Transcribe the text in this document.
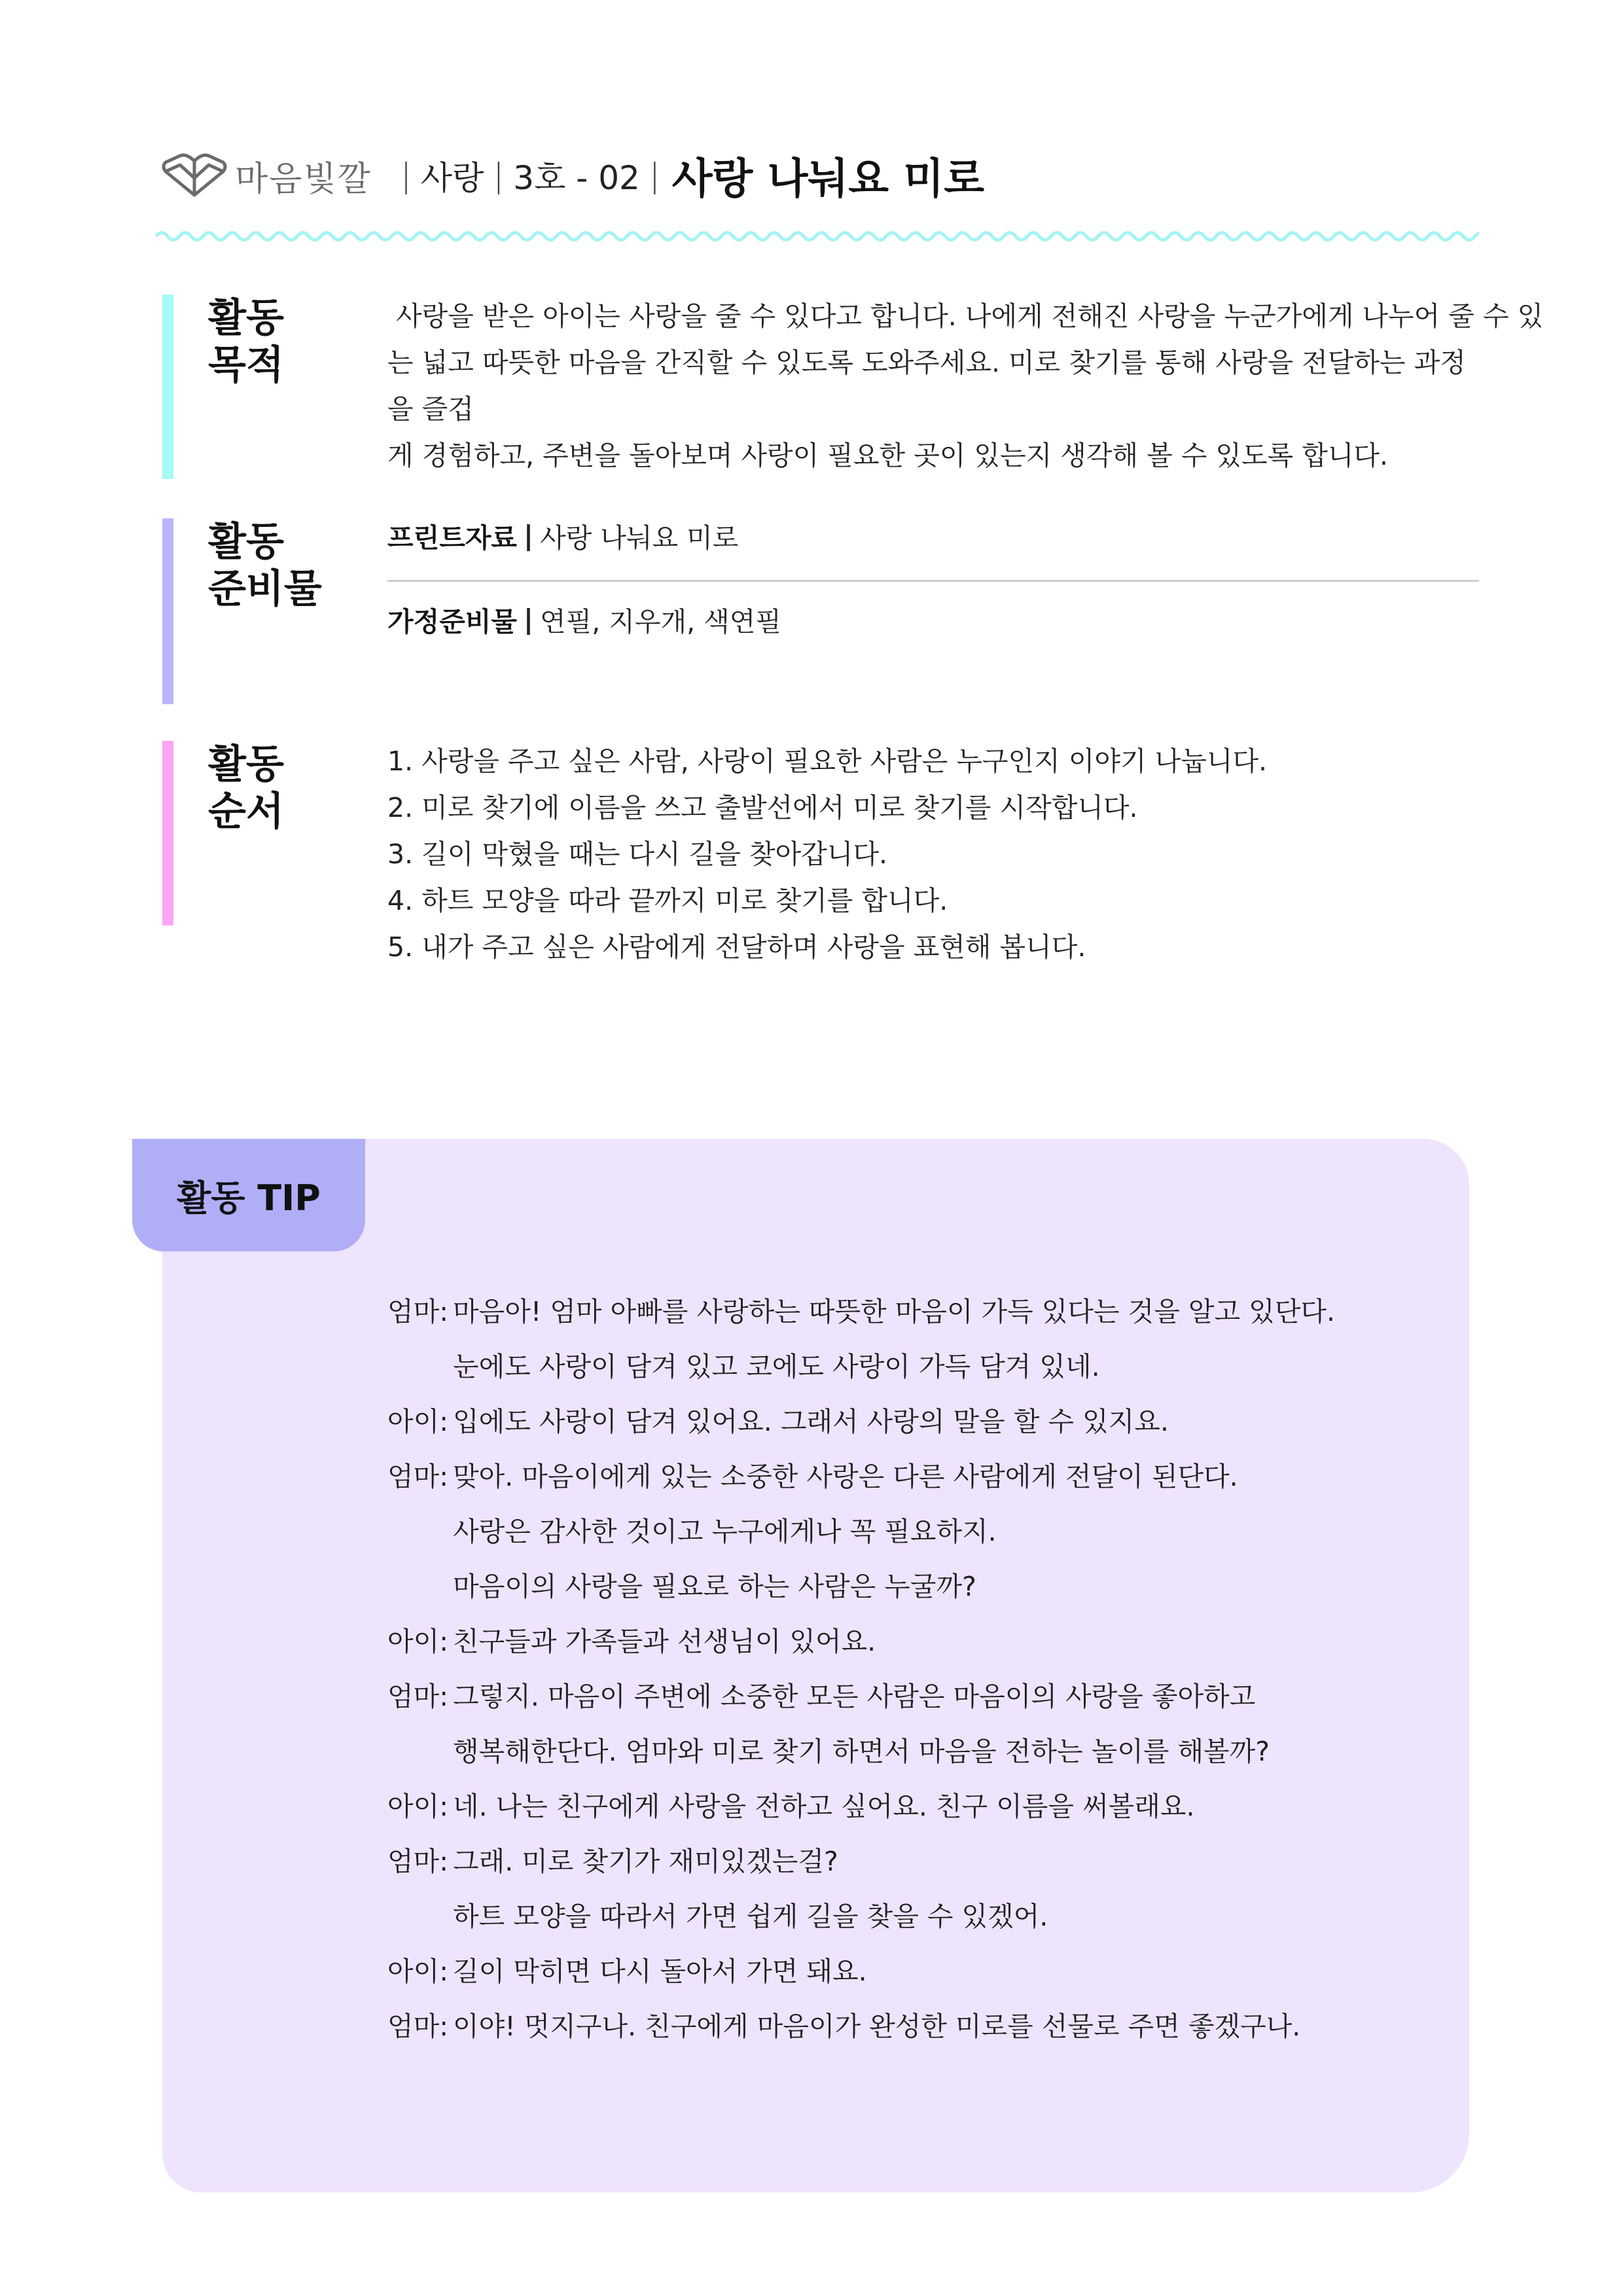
마음빛깔 | 사랑 | 3호 - 02 | 사랑 나눠요 미로
활동
목적
사랑을 받은 아이는 사랑을 줄 수 있다고 합니다. 나에게 전해진 사랑을 누군가에게 나누어 줄 수 있
는 넓고 따뜻한 마음을 간직할 수 있도록 도와주세요. 미로 찾기를 통해 사랑을 전달하는 과정을 즐겁
게 경험하고, 주변을 돌아보며 사랑이 필요한 곳이 있는지 생각해 볼 수 있도록 합니다.
활동
준비물
프린트자료 | 사랑 나눠요 미로
가정준비물 | 연필, 지우개, 색연필
활동
순서
1. 사랑을 주고 싶은 사람, 사랑이 필요한 사람은 누구인지 이야기 나눕니다.
2. 미로 찾기에 이름을 쓰고 출발선에서 미로 찾기를 시작합니다.
3. 길이 막혔을 때는 다시 길을 찾아갑니다.
4. 하트 모양을 따라 끝까지 미로 찾기를 합니다.
5. 내가 주고 싶은 사람에게 전달하며 사랑을 표현해 봅니다.
활동 TIP
엄마: 마음아! 엄마 아빠를 사랑하는 따뜻한 마음이 가득 있다는 것을 알고 있단다.
눈에도 사랑이 담겨 있고 코에도 사랑이 가득 담겨 있네.
아이: 입에도 사랑이 담겨 있어요. 그래서 사랑의 말을 할 수 있지요.
엄마: 맞아. 마음이에게 있는 소중한 사랑은 다른 사람에게 전달이 된단다.
사랑은 감사한 것이고 누구에게나 꼭 필요하지.
마음이의 사랑을 필요로 하는 사람은 누굴까?
아이: 친구들과 가족들과 선생님이 있어요.
엄마: 그렇지. 마음이 주변에 소중한 모든 사람은 마음이의 사랑을 좋아하고
행복해한단다. 엄마와 미로 찾기 하면서 마음을 전하는 놀이를 해볼까?
아이: 네. 나는 친구에게 사랑을 전하고 싶어요. 친구 이름을 써볼래요.
엄마: 그래. 미로 찾기가 재미있겠는걸?
하트 모양을 따라서 가면 쉽게 길을 찾을 수 있겠어.
아이: 길이 막히면 다시 돌아서 가면 돼요.
엄마: 이야! 멋지구나. 친구에게 마음이가 완성한 미로를 선물로 주면 좋겠구나.
